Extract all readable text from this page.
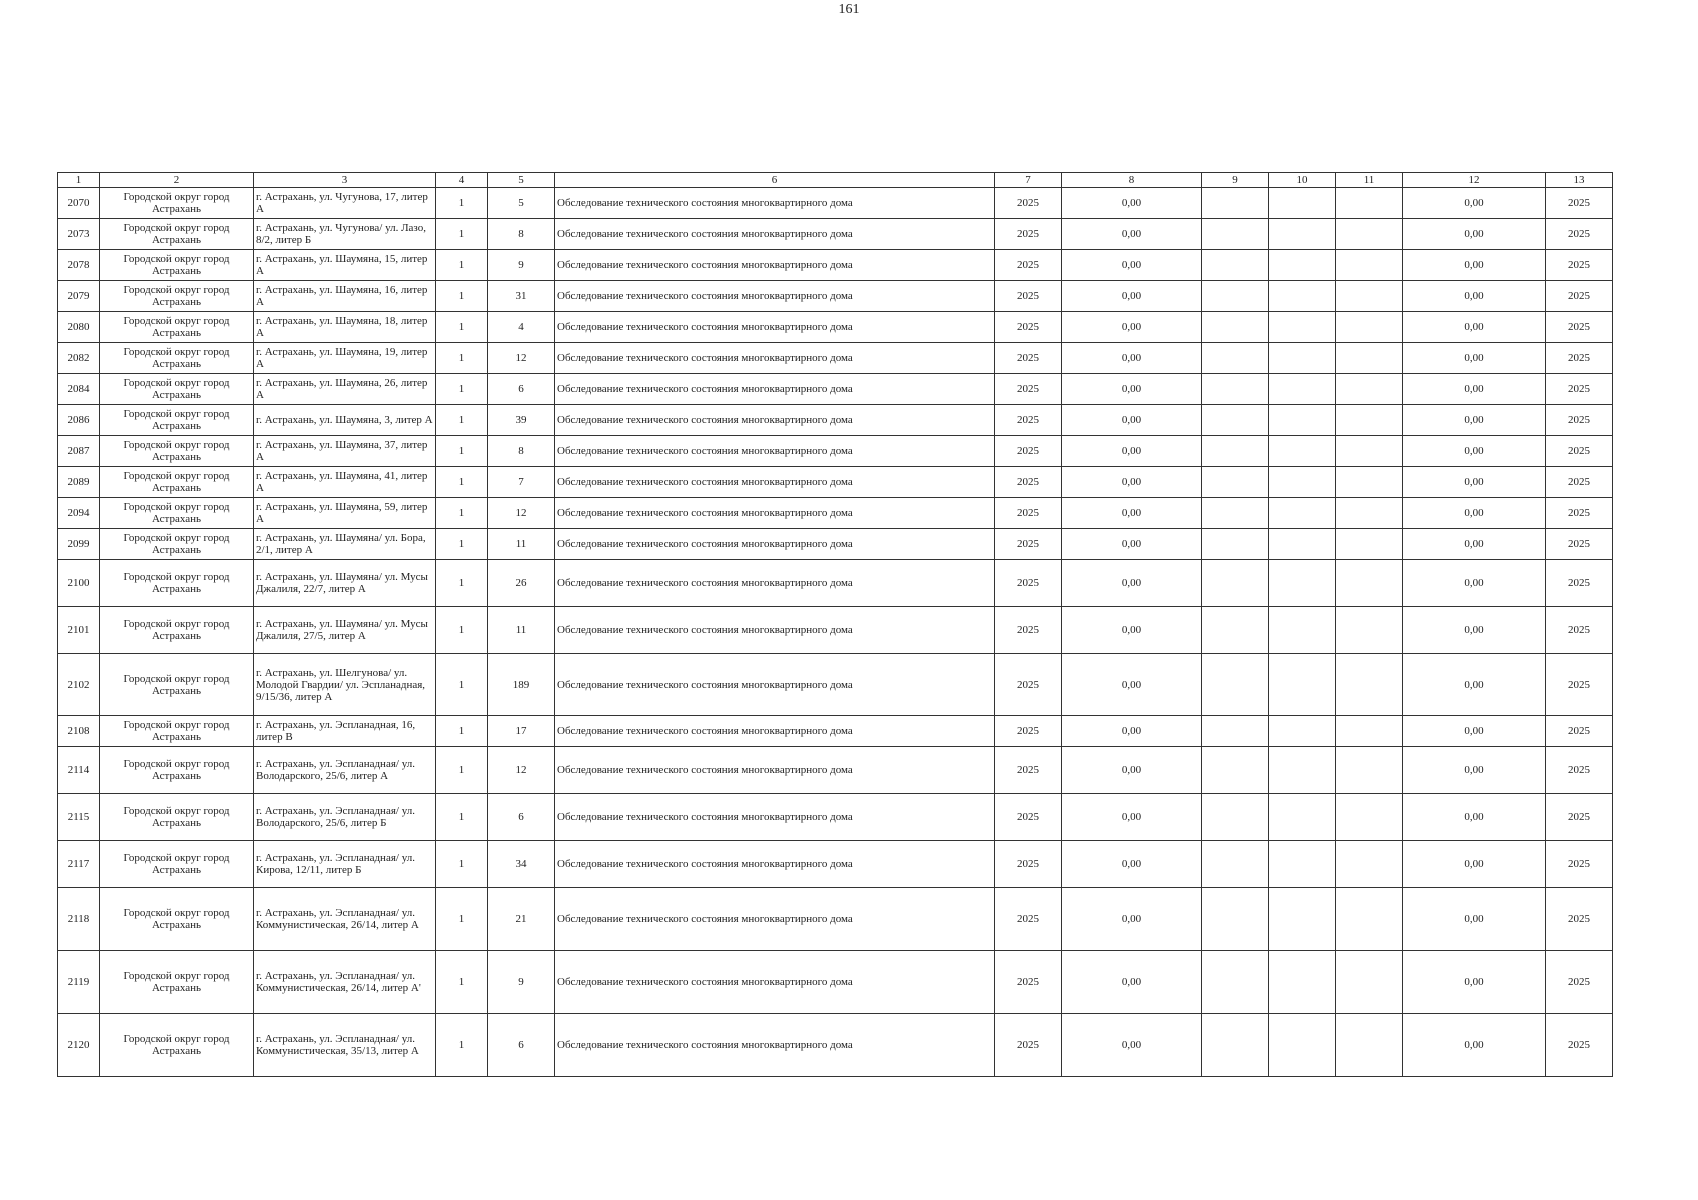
161
1	2	3	4	5	6	7	8	9	10	11	12	13
2070	Городской округ город Астрахань	г. Астрахань, ул. Чугунова, 17, литер А	1	5	Обследование технического состояния многоквартирного дома	2025	0,00				0,00	2025
2073	Городской округ город Астрахань	г. Астрахань, ул. Чугунова/ ул. Лазо, 8/2, литер Б	1	8	Обследование технического состояния многоквартирного дома	2025	0,00				0,00	2025
2078	Городской округ город Астрахань	г. Астрахань, ул. Шаумяна, 15, литер А	1	9	Обследование технического состояния многоквартирного дома	2025	0,00				0,00	2025
2079	Городской округ город Астрахань	г. Астрахань, ул. Шаумяна, 16, литер А	1	31	Обследование технического состояния многоквартирного дома	2025	0,00				0,00	2025
2080	Городской округ город Астрахань	г. Астрахань, ул. Шаумяна, 18, литер А	1	4	Обследование технического состояния многоквартирного дома	2025	0,00				0,00	2025
2082	Городской округ город Астрахань	г. Астрахань, ул. Шаумяна, 19, литер А	1	12	Обследование технического состояния многоквартирного дома	2025	0,00				0,00	2025
2084	Городской округ город Астрахань	г. Астрахань, ул. Шаумяна, 26, литер А	1	6	Обследование технического состояния многоквартирного дома	2025	0,00				0,00	2025
2086	Городской округ город Астрахань	г. Астрахань, ул. Шаумяна, 3, литер А	1	39	Обследование технического состояния многоквартирного дома	2025	0,00				0,00	2025
2087	Городской округ город Астрахань	г. Астрахань, ул. Шаумяна, 37, литер А	1	8	Обследование технического состояния многоквартирного дома	2025	0,00				0,00	2025
2089	Городской округ город Астрахань	г. Астрахань, ул. Шаумяна, 41, литер А	1	7	Обследование технического состояния многоквартирного дома	2025	0,00				0,00	2025
2094	Городской округ город Астрахань	г. Астрахань, ул. Шаумяна, 59, литер А	1	12	Обследование технического состояния многоквартирного дома	2025	0,00				0,00	2025
2099	Городской округ город Астрахань	г. Астрахань, ул. Шаумяна/ ул. Бора, 2/1, литер А	1	11	Обследование технического состояния многоквартирного дома	2025	0,00				0,00	2025
2100	Городской округ город Астрахань	г. Астрахань, ул. Шаумяна/ ул. Мусы Джалиля, 22/7, литер А	1	26	Обследование технического состояния многоквартирного дома	2025	0,00				0,00	2025
2101	Городской округ город Астрахань	г. Астрахань, ул. Шаумяна/ ул. Мусы Джалиля, 27/5, литер А	1	11	Обследование технического состояния многоквартирного дома	2025	0,00				0,00	2025
2102	Городской округ город Астрахань	г. Астрахань, ул. Шелгунова/ ул. Молодой Гвардии/ ул. Эспланадная, 9/15/36, литер А	1	189	Обследование технического состояния многоквартирного дома	2025	0,00				0,00	2025
2108	Городской округ город Астрахань	г. Астрахань, ул. Эспланадная, 16, литер В	1	17	Обследование технического состояния многоквартирного дома	2025	0,00				0,00	2025
2114	Городской округ город Астрахань	г. Астрахань, ул. Эспланадная/ ул. Володарского, 25/6, литер А	1	12	Обследование технического состояния многоквартирного дома	2025	0,00				0,00	2025
2115	Городской округ город Астрахань	г. Астрахань, ул. Эспланадная/ ул. Володарского, 25/6, литер Б	1	6	Обследование технического состояния многоквартирного дома	2025	0,00				0,00	2025
2117	Городской округ город Астрахань	г. Астрахань, ул. Эспланадная/ ул. Кирова, 12/11, литер Б	1	34	Обследование технического состояния многоквартирного дома	2025	0,00				0,00	2025
2118	Городской округ город Астрахань	г. Астрахань, ул. Эспланадная/ ул. Коммунистическая, 26/14, литер А	1	21	Обследование технического состояния многоквартирного дома	2025	0,00				0,00	2025
2119	Городской округ город Астрахань	г. Астрахань, ул. Эспланадная/ ул. Коммунистическая, 26/14, литер А'	1	9	Обследование технического состояния многоквартирного дома	2025	0,00				0,00	2025
2120	Городской округ город Астрахань	г. Астрахань, ул. Эспланадная/ ул. Коммунистическая, 35/13, литер А	1	6	Обследование технического состояния многоквартирного дома	2025	0,00				0,00	2025
